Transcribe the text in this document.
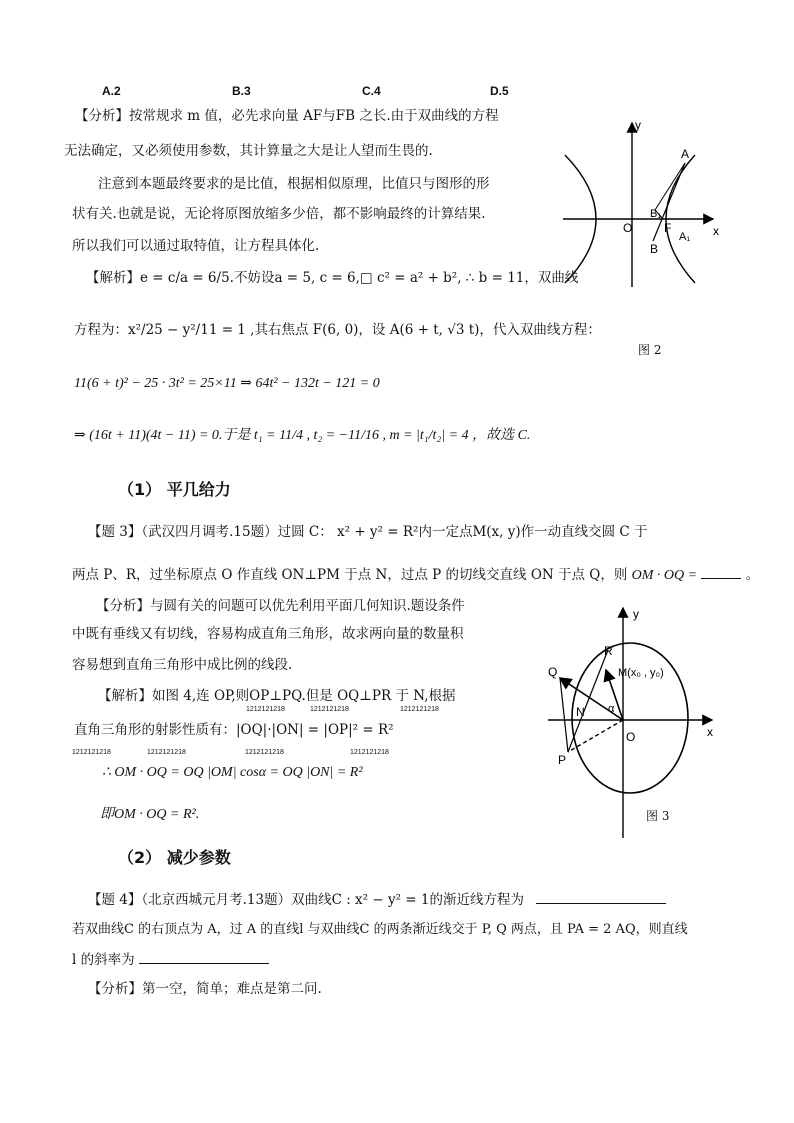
A.2	B.3	C.4	D.5
【分析】按常规求 m 值，必先求向量 AF与FB 之长.由于双曲线的方程
无法确定，又必须使用参数，其计算量之大是让人望而生畏的.
注意到本题最终要求的是比值，根据相似原理，比值只与图形的形
状有关.也就是说，无论将原图放缩多少倍，都不影响最终的计算结果.
所以我们可以通过取特值，让方程具体化.
【解析】e = c/a = 6/5.不妨设a = 5, c = 6,□ c² = a² + b², ∴ b = 11，双曲线
方程为：x²/25 − y²/11 = 1 ,其右焦点 F(6, 0)，设 A(6 + t, √3 t)，代入双曲线方程：
11(6 + t)² − 25 · 3t² = 25×11 ⇒ 64t² − 132t − 121 = 0
⇒ (16t + 11)(4t − 11) = 0.于是 t₁ = 11/4 , t₂ = −11/16 , m = |t₁/t₂| = 4 ，故选 C.
y
x
O
A
B₁
F
A₁
B
图 2
（1） 平几给力
【题 3】（武汉四月调考.15题）过圆 C： x² + y² = R²内一定点M(x, y)作一动直线交圆 C 于
两点 P、R，过坐标原点 O 作直线 ON⊥PM 于点 N，过点 P 的切线交直线 ON 于点 Q，则 OM · OQ =	。
【分析】与圆有关的问题可以优先利用平面几何知识.题设条件
中既有垂线又有切线，容易构成直角三角形，故求两向量的数量积
容易想到直角三角形中成比例的线段.
【解析】如图 4,连 OP,则OP⊥PQ.但是 OQ⊥PR 于 N,根据
1212121218	1212121218	1212121218
直角三角形的射影性质有：|OQ|·|ON| = |OP|² = R²
1212121218	1212121218	1212121218	1212121218
∴ OM · OQ = OQ |OM| cosα = OQ |ON| = R²
即OM · OQ = R².
y
x
O
R
Q	M(x₀ , y₀)
N α
P
图 3
（2） 减少参数
【题 4】（北京西城元月考.13题）双曲线C : x² − y² = 1的渐近线方程为
若双曲线C 的右顶点为 A，过 A 的直线l 与双曲线C 的两条渐近线交于 P, Q 两点，且 PA = 2 AQ，则直线
l 的斜率为
【分析】第一空，简单；难点是第二问.
